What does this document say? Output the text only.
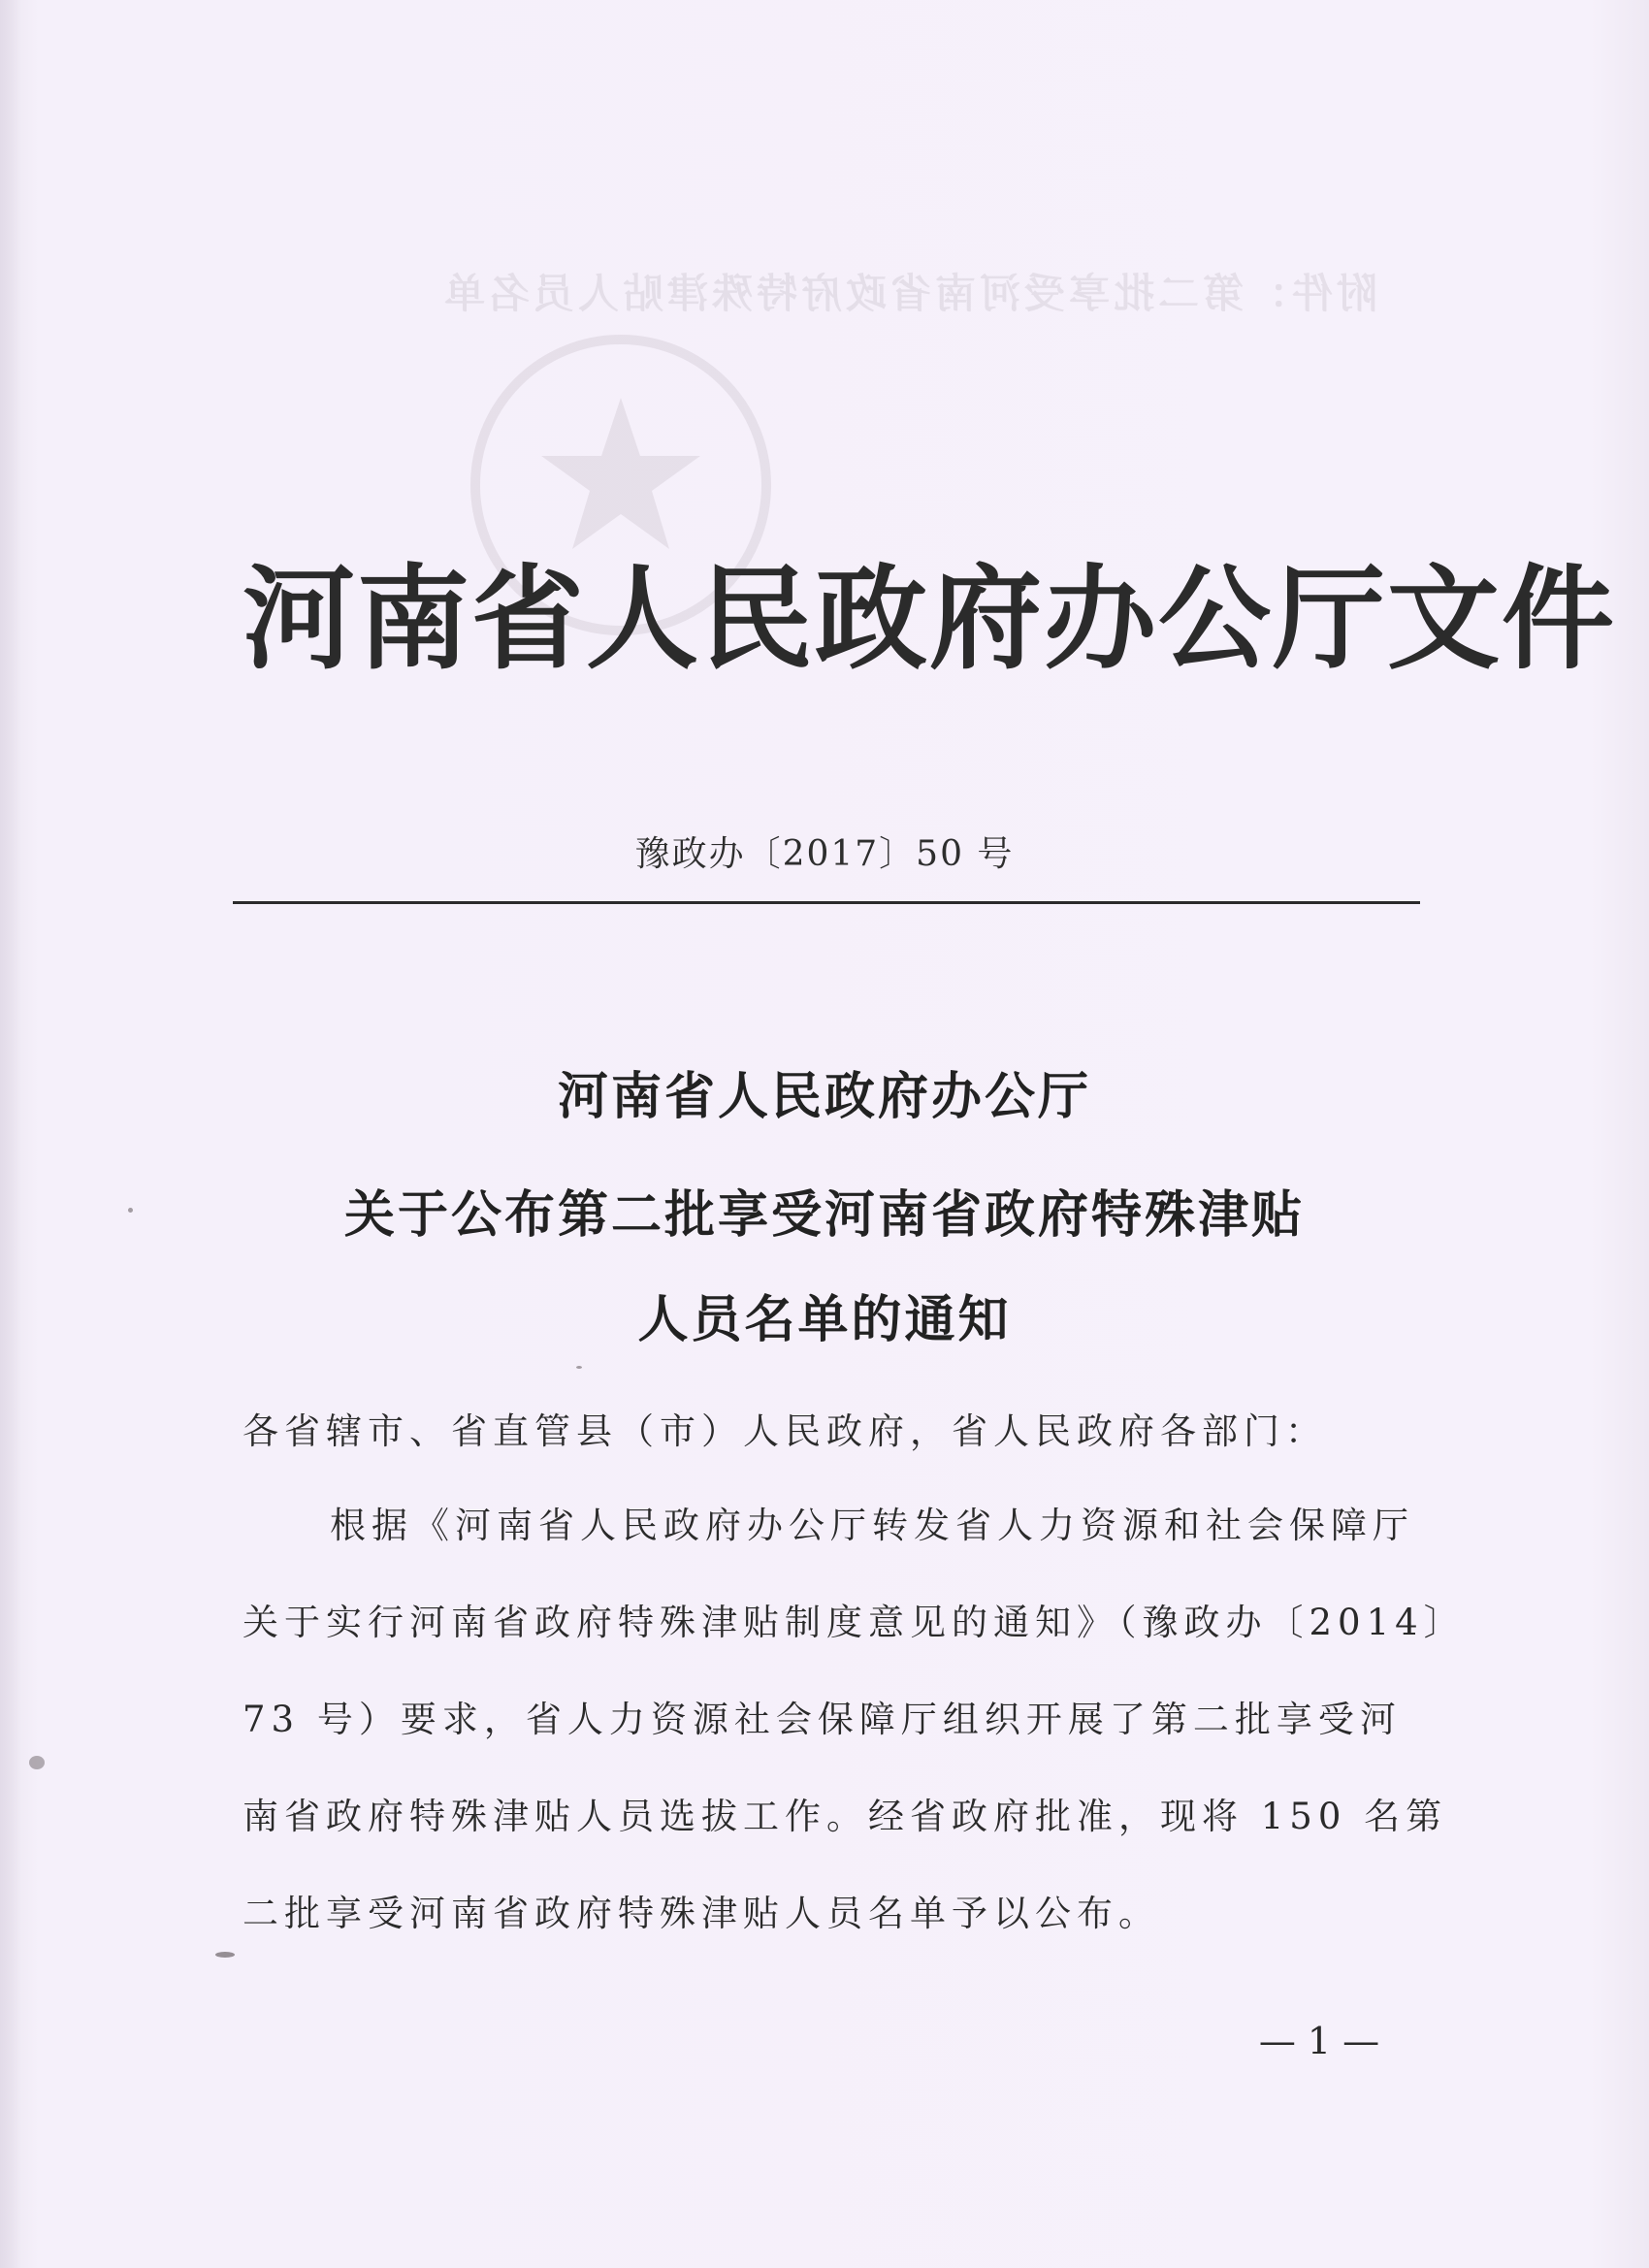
附件：第二批享受河南省政府特殊津贴人员名单
河南省人民政府办公厅文件
豫政办〔2017〕50 号
河南省人民政府办公厅
关于公布第二批享受河南省政府特殊津贴
人员名单的通知
各省辖市、省直管县（市）人民政府，省人民政府各部门：
根据《河南省人民政府办公厅转发省人力资源和社会保障厅
关于实行河南省政府特殊津贴制度意见的通知》（豫政办〔2014〕
73 号）要求，省人力资源社会保障厅组织开展了第二批享受河
南省政府特殊津贴人员选拔工作。经省政府批准，现将 150 名第
二批享受河南省政府特殊津贴人员名单予以公布。
— 1 —
